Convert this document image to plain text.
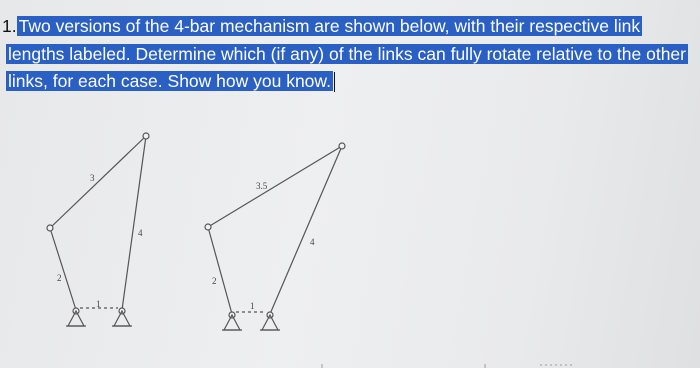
1. Two versions of the 4-bar mechanism are shown below, with their respective link
lengths labeled. Determine which (if any) of the links can fully rotate relative to the other
links, for each case. Show how you know.
2
3
4
1
2
3.5
4
1
